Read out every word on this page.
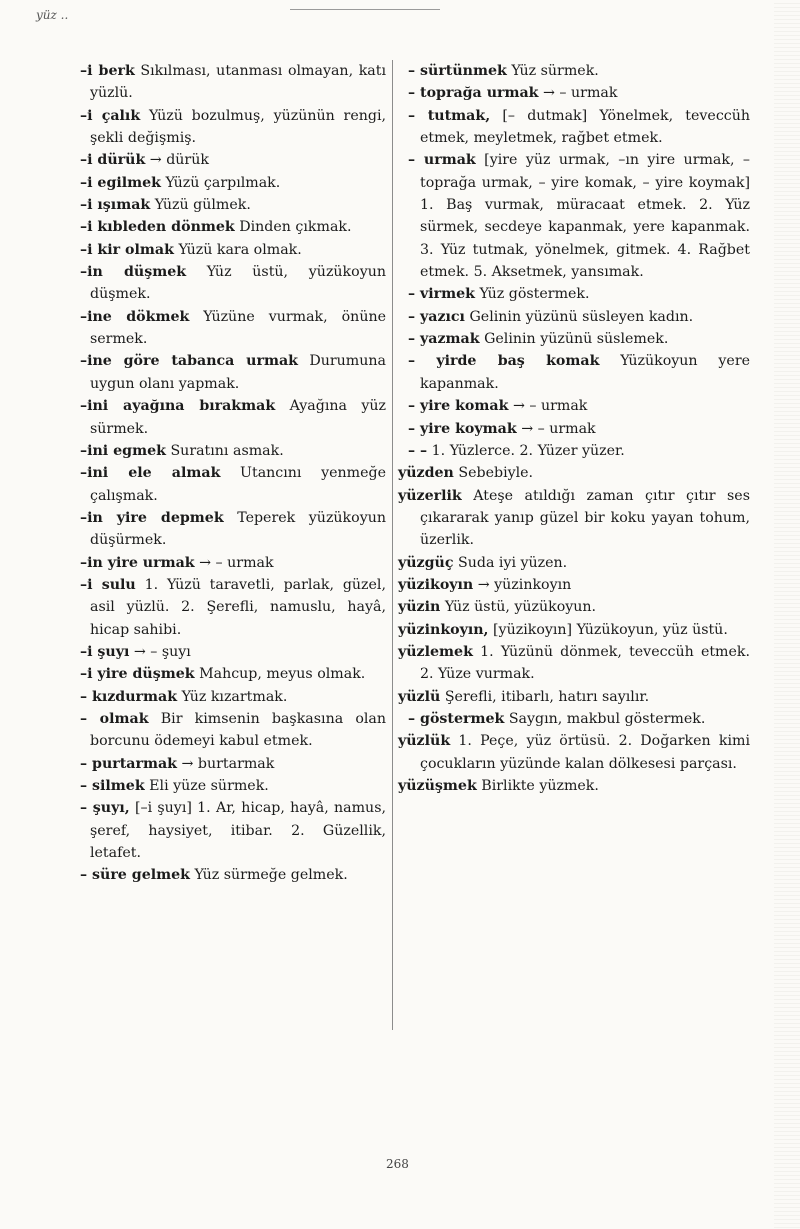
yüz ..

–i berk Sıkılması, utanması olmayan, katı yüzlü.

–i çalık Yüzü bozulmuş, yüzünün rengi, şekli değişmiş.

–i dürük → dürük

–i egilmek Yüzü çarpılmak.

–i ışımak Yüzü gülmek.

–i kıbleden dönmek Dinden çıkmak.

–i kir olmak Yüzü kara olmak.

–in düşmek Yüz üstü, yüzükoyun düşmek.

–ine dökmek Yüzüne vurmak, önüne sermek.

–ine göre tabanca urmak Durumuna uygun olanı yapmak.

–ini ayağına bırakmak Ayağına yüz sürmek.

–ini egmek Suratını asmak.

–ini ele almak Utancını yenmeğe çalışmak.

–in yire depmek Teperek yüzükoyun düşürmek.

–in yire urmak → – urmak

–i sulu 1. Yüzü taravetli, parlak, güzel, asil yüzlü. 2. Şerefli, namuslu, hayâ, hicap sahibi.

–i şuyı → – şuyı

–i yire düşmek Mahcup, meyus olmak.

– kızdurmak Yüz kızartmak.

– olmak Bir kimsenin başkasına olan borcunu ödemeyi kabul etmek.

– purtarmak → burtarmak

– silmek Eli yüze sürmek.

– şuyı, [–i şuyı] 1. Ar, hicap, hayâ, namus, şeref, haysiyet, itibar. 2. Güzellik, letafet.

– süre gelmek Yüz sürmeğe gelmek.

– sürtünmek Yüz sürmek.

– toprağa urmak → – urmak

– tutmak, [– dutmak] Yönelmek, teveccüh etmek, meyletmek, rağbet etmek.

– urmak [yire yüz urmak, –ın yire urmak, – toprağa urmak, – yire komak, – yire koymak] 1. Baş vurmak, müracaat etmek. 2. Yüz sürmek, secdeye kapanmak, yere kapanmak. 3. Yüz tutmak, yönelmek, gitmek. 4. Rağbet etmek. 5. Aksetmek, yansımak.

– virmek Yüz göstermek.

– yazıcı Gelinin yüzünü süsleyen kadın.

– yazmak Gelinin yüzünü süslemek.

– yirde baş komak Yüzükoyun yere kapanmak.

– yire komak → – urmak

– yire koymak → – urmak

– – 1. Yüzlerce. 2. Yüzer yüzer.

yüzden Sebebiyle.

yüzerlik Ateşe atıldığı zaman çıtır çıtır ses çıkararak yanıp güzel bir koku yayan tohum, üzerlik.

yüzgüç Suda iyi yüzen.

yüzikoyın → yüzinkoyın

yüzin Yüz üstü, yüzükoyun.

yüzinkoyın, [yüzikoyın] Yüzükoyun, yüz üstü.

yüzlemek 1. Yüzünü dönmek, teveccüh etmek. 2. Yüze vurmak.

yüzlü Şerefli, itibarlı, hatırı sayılır.

– göstermek Saygın, makbul göstermek.

yüzlük 1. Peçe, yüz örtüsü. 2. Doğarken kimi çocukların yüzünde kalan dölkesesi parçası.

yüzüşmek Birlikte yüzmek.

268
